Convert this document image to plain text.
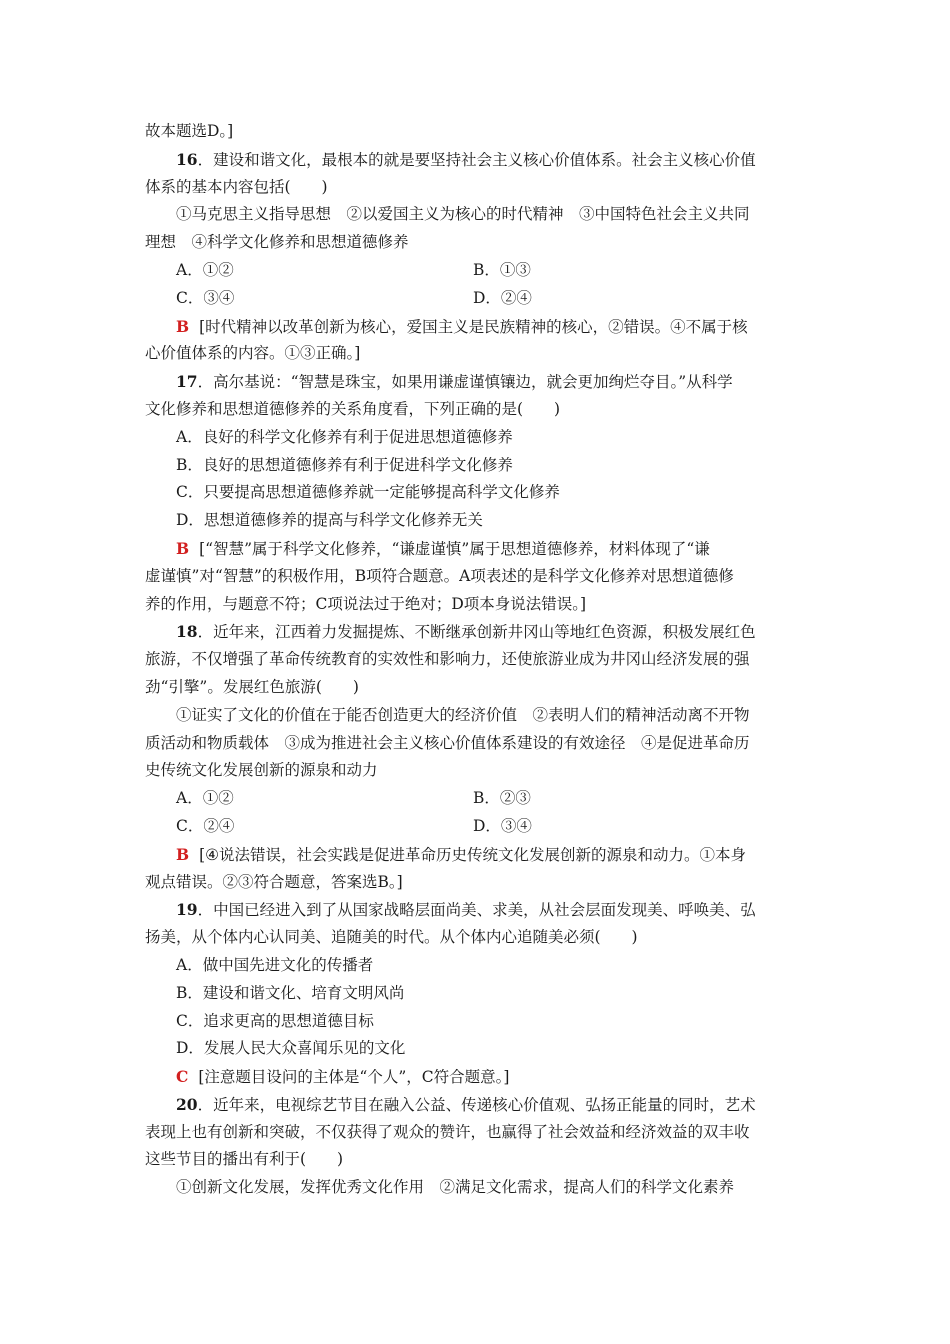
故本题选D。]
16．建设和谐文化，最根本的就是要坚持社会主义核心价值体系。社会主义核心价值
体系的基本内容包括(　　)
①马克思主义指导思想　②以爱国主义为核心的时代精神　③中国特色社会主义共同
理想　④科学文化修养和思想道德修养
A．①②	B．①③
C．③④	D．②④
B [时代精神以改革创新为核心，爱国主义是民族精神的核心，②错误。④不属于核
心价值体系的内容。①③正确。]
17．高尔基说：“智慧是珠宝，如果用谦虚谨慎镶边，就会更加绚烂夺目。”从科学
文化修养和思想道德修养的关系角度看，下列正确的是(　　)
A．良好的科学文化修养有利于促进思想道德修养
B．良好的思想道德修养有利于促进科学文化修养
C．只要提高思想道德修养就一定能够提高科学文化修养
D．思想道德修养的提高与科学文化修养无关
B [“智慧”属于科学文化修养，“谦虚谨慎”属于思想道德修养，材料体现了“谦
虚谨慎”对“智慧”的积极作用，B项符合题意。A项表述的是科学文化修养对思想道德修
养的作用，与题意不符；C项说法过于绝对；D项本身说法错误。]
18．近年来，江西着力发掘提炼、不断继承创新井冈山等地红色资源，积极发展红色
旅游，不仅增强了革命传统教育的实效性和影响力，还使旅游业成为井冈山经济发展的强
劲“引擎”。发展红色旅游(　　)
①证实了文化的价值在于能否创造更大的经济价值　②表明人们的精神活动离不开物
质活动和物质载体　③成为推进社会主义核心价值体系建设的有效途径　④是促进革命历
史传统文化发展创新的源泉和动力
A．①②	B．②③
C．②④	D．③④
B [④说法错误，社会实践是促进革命历史传统文化发展创新的源泉和动力。①本身
观点错误。②③符合题意，答案选B。]
19．中国已经进入到了从国家战略层面尚美、求美，从社会层面发现美、呼唤美、弘
扬美，从个体内心认同美、追随美的时代。从个体内心追随美必须(　　)
A．做中国先进文化的传播者
B．建设和谐文化、培育文明风尚
C．追求更高的思想道德目标
D．发展人民大众喜闻乐见的文化
C [注意题目设问的主体是“个人”，C符合题意。]
20．近年来，电视综艺节目在融入公益、传递核心价值观、弘扬正能量的同时，艺术
表现上也有创新和突破，不仅获得了观众的赞许，也赢得了社会效益和经济效益的双丰收
这些节目的播出有利于(　　)
①创新文化发展，发挥优秀文化作用　②满足文化需求，提高人们的科学文化素养
